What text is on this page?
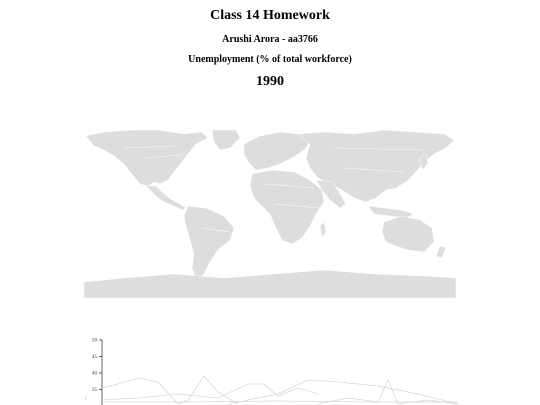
Class 14 Homework
Arushi Arora - aa3766
Unemployment (% of total workforce)
1990
50
45
40
35
...
